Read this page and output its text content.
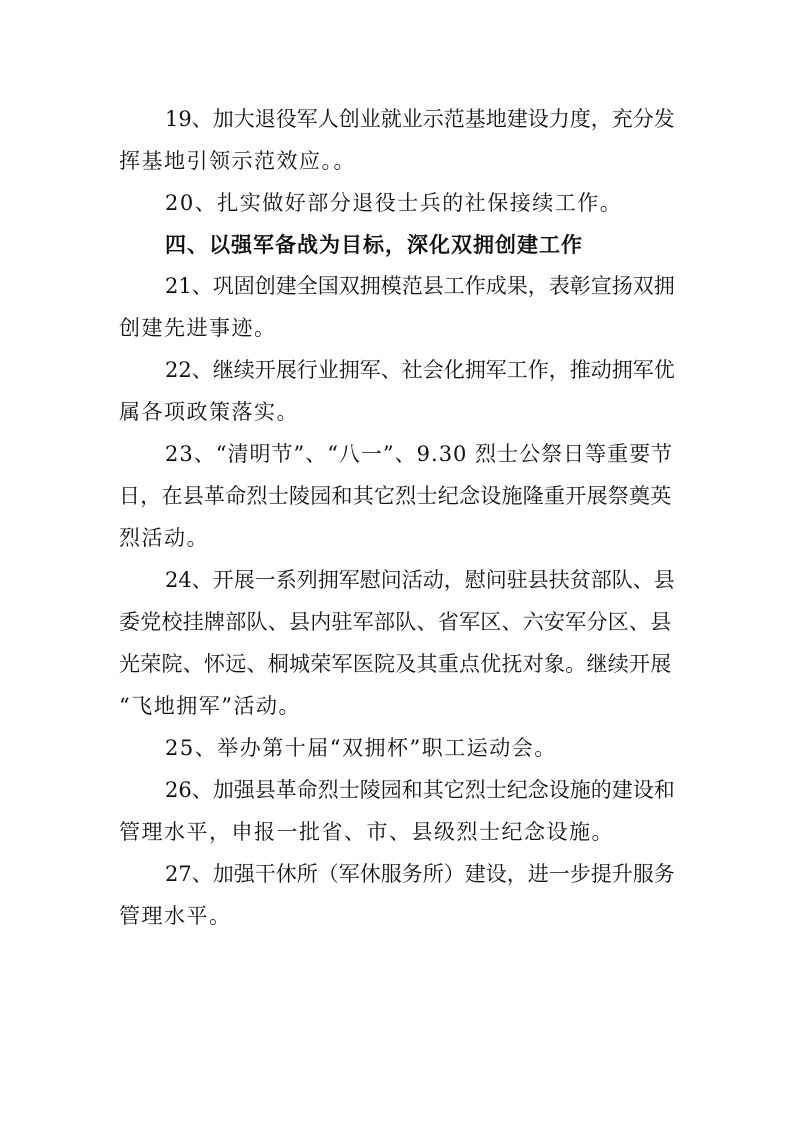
19、加大退役军人创业就业示范基地建设力度，充分发
挥基地引领示范效应。。
20、扎实做好部分退役士兵的社保接续工作。
四、以强军备战为目标，深化双拥创建工作
21、巩固创建全国双拥模范县工作成果，表彰宣扬双拥
创建先进事迹。
22、继续开展行业拥军、社会化拥军工作，推动拥军优
属各项政策落实。
23、“清明节”、“八一”、9.30 烈士公祭日等重要节
日，在县革命烈士陵园和其它烈士纪念设施隆重开展祭奠英
烈活动。
24、开展一系列拥军慰问活动，慰问驻县扶贫部队、县
委党校挂牌部队、县内驻军部队、省军区、六安军分区、县
光荣院、怀远、桐城荣军医院及其重点优抚对象。继续开展
“飞地拥军”活动。
25、举办第十届“双拥杯”职工运动会。
26、加强县革命烈士陵园和其它烈士纪念设施的建设和
管理水平，申报一批省、市、县级烈士纪念设施。
27、加强干休所（军休服务所）建设，进一步提升服务
管理水平。
